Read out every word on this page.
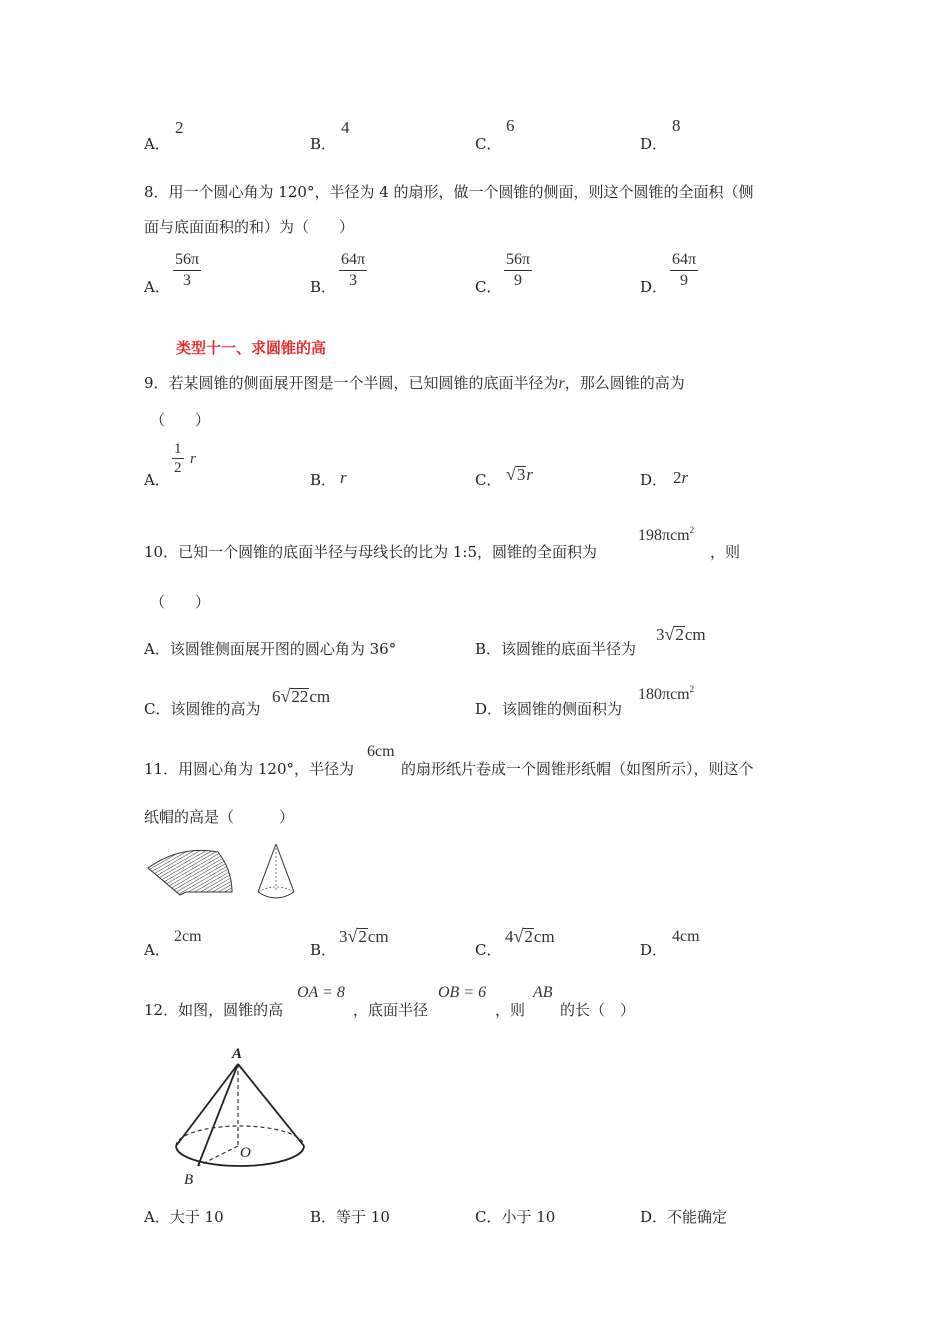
A．
2
B．
4
C．
6
D．
8
8．用一个圆心角为 120°，半径为 4 的扇形，做一个圆锥的侧面，则这个圆锥的全面积（侧
面与底面面积的和）为（　　）
A． $\frac{56\pi}{3}$	B． $\frac{64\pi}{3}$	C． $\frac{56\pi}{9}$	D． $\frac{64\pi}{9}$
类型十一、求圆锥的高
9．若某圆锥的侧面展开图是一个半圆，已知圆锥的底面半径为r，那么圆锥的高为
（　　）
A．
$\frac{1}{2}$ r
B． r	C． √3r	D． 2r
10．已知一个圆锥的底面半径与母线长的比为 1:5，圆锥的全面积为
198πcm$^2$
，则
（　　）
A．该圆锥侧面展开图的圆心角为 36°	B．该圆锥的底面半径为
3√2cm
C．该圆锥的高为
6√22cm
D．该圆锥的侧面积为
180πcm$^2$
11．用圆心角为 120°，半径为
6cm
的扇形纸片卷成一个圆锥形纸帽（如图所示），则这个
纸帽的高是（　　　）
A．
2cm
B．
3√2cm
C．
4√2cm
D．
4cm
12．如图，圆锥的高
OA = 8
，底面半径
OB = 6
，则
AB
的长（　）
A
O
B
A．大于 10	B．等于 10	C．小于 10	D．不能确定
